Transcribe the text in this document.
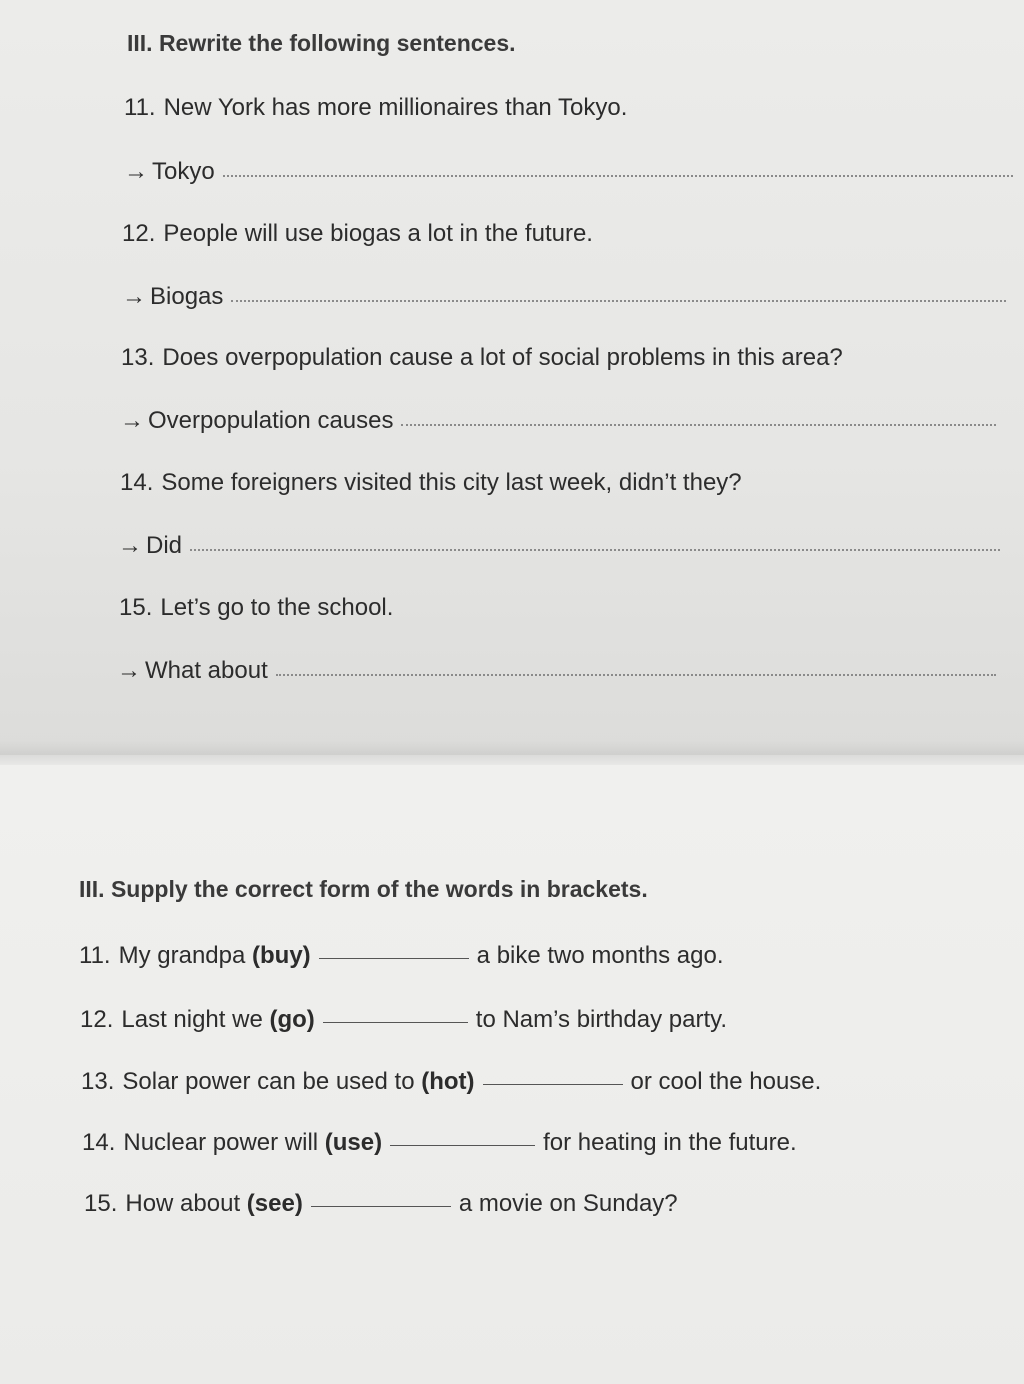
III. Rewrite the following sentences.
11. New York has more millionaires than Tokyo.
→ Tokyo
12. People will use biogas a lot in the future.
→ Biogas
13. Does overpopulation cause a lot of social problems in this area?
→ Overpopulation causes
14. Some foreigners visited this city last week, didn’t they?
→ Did
15. Let’s go to the school.
→ What about
III. Supply the correct form of the words in brackets.
11. My grandpa
(buy)	a bike two months ago.
12. Last night we
(go)	to Nam’s birthday party.
13. Solar power can be used to
(hot)	or cool the house.
14. Nuclear power will
(use)	for heating in the future.
15. How about
(see)	a movie on Sunday?
